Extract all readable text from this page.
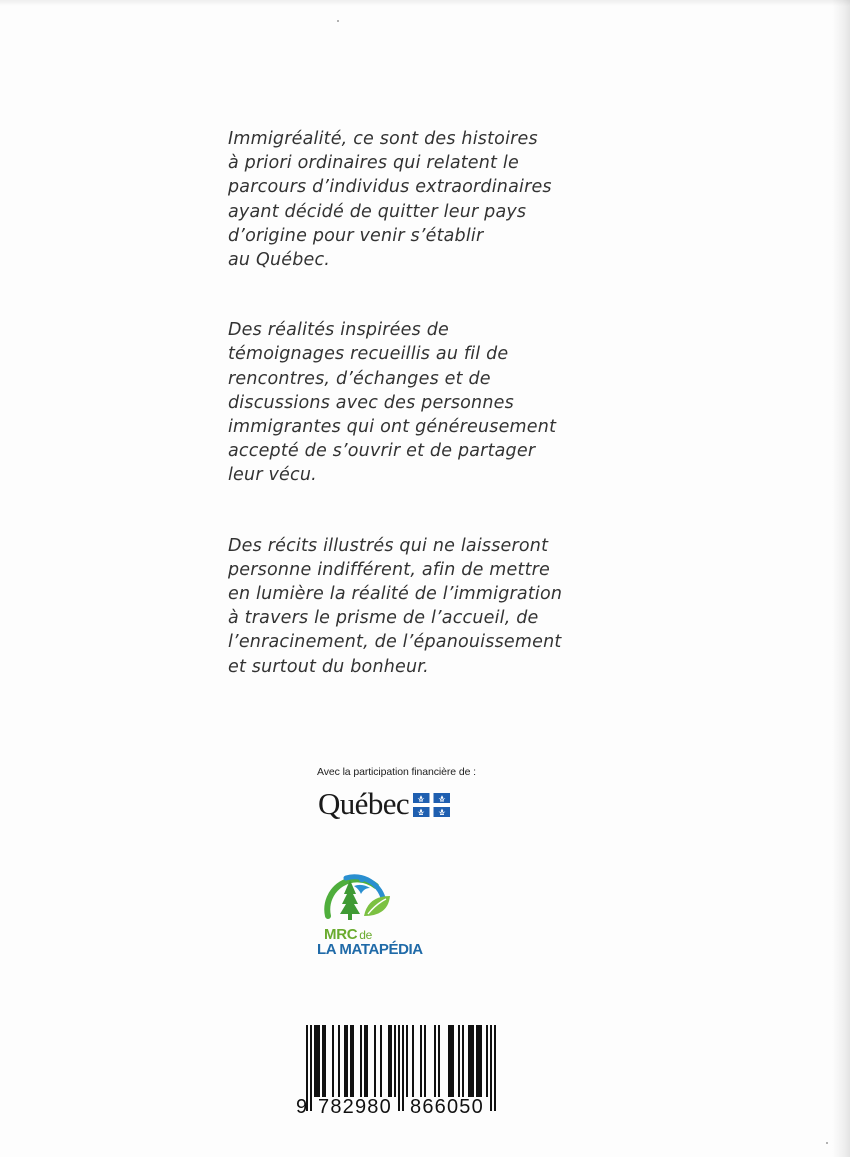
Immigréalité, ce sont des histoires
à priori ordinaires qui relatent le
parcours d’individus extraordinaires
ayant décidé de quitter leur pays
d’origine pour venir s’établir
au Québec.

Des réalités inspirées de
témoignages recueillis au fil de
rencontres, d’échanges et de
discussions avec des personnes
immigrantes qui ont généreusement
accepté de s’ouvrir et de partager
leur vécu.

Des récits illustrés qui ne laisseront
personne indifférent, afin de mettre
en lumière la réalité de l’immigration
à travers le prisme de l’accueil, de
l’enracinement, de l’épanouissement
et surtout du bonheur.

Avec la participation financière de :
Québec
MRC de
LA MATAPÉDIA
9 782980 866050
